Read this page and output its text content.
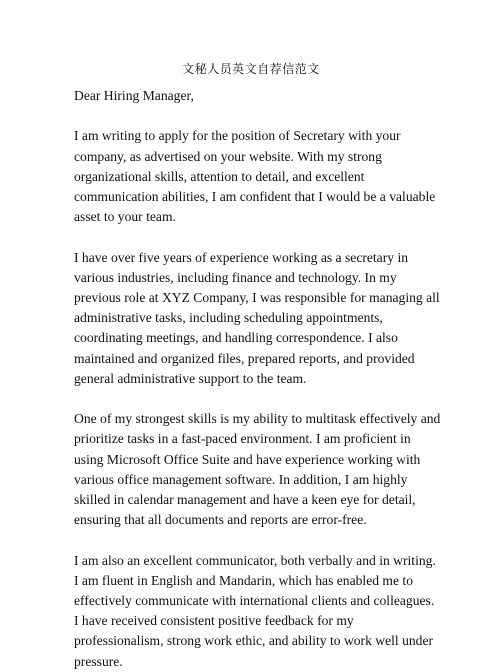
文秘人员英文自荐信范文

Dear Hiring Manager,

I am writing to apply for the position of Secretary with your

company, as advertised on your website. With my strong

organizational skills, attention to detail, and excellent

communication abilities, I am confident that I would be a valuable

asset to your team.

I have over five years of experience working as a secretary in

various industries, including finance and technology. In my

previous role at XYZ Company, I was responsible for managing all

administrative tasks, including scheduling appointments,

coordinating meetings, and handling correspondence. I also

maintained and organized files, prepared reports, and provided

general administrative support to the team.

One of my strongest skills is my ability to multitask effectively and

prioritize tasks in a fast-paced environment. I am proficient in

using Microsoft Office Suite and have experience working with

various office management software. In addition, I am highly

skilled in calendar management and have a keen eye for detail,

ensuring that all documents and reports are error-free.

I am also an excellent communicator, both verbally and in writing.

I am fluent in English and Mandarin, which has enabled me to

effectively communicate with international clients and colleagues.

I have received consistent positive feedback for my

professionalism, strong work ethic, and ability to work well under

pressure.
